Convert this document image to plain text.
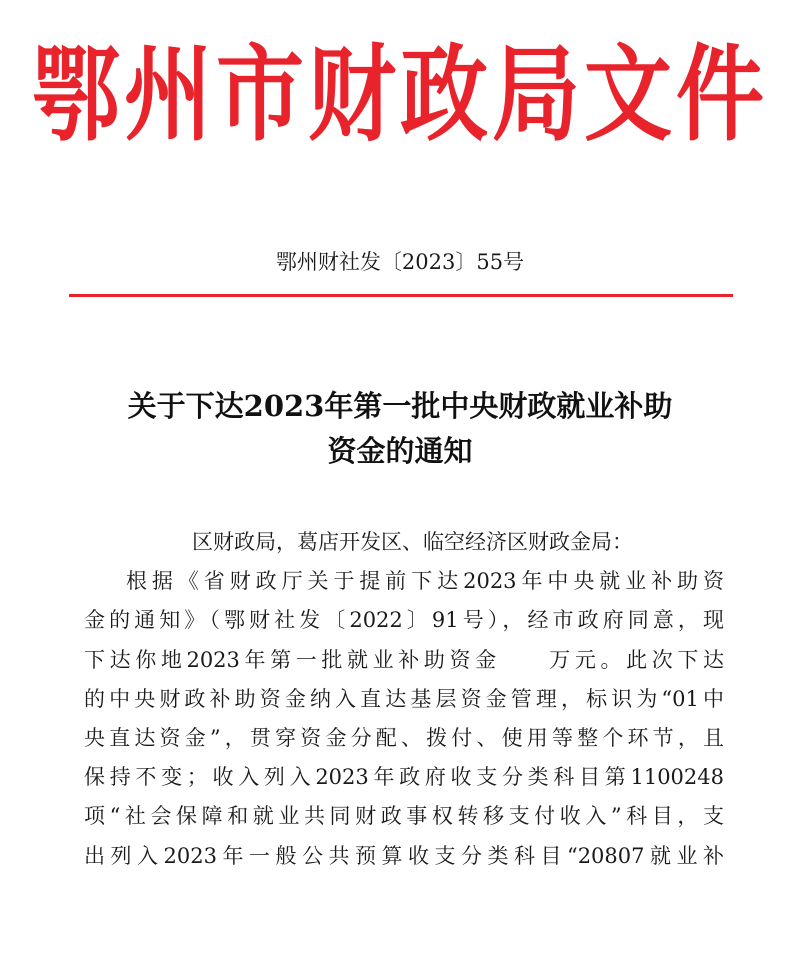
鄂州市财政局文件
鄂州财社发〔2023〕55号
关于下达2023年第一批中央财政就业补助
资金的通知
区财政局，葛店开发区、临空经济区财政金局：
根据《省财政厅关于提前下达2023年中央就业补助资
金的通知》（鄂财社发〔2022〕91号），经市政府同意，现
下达你地2023年第一批就业补助资金 万元。此次下达
的中央财政补助资金纳入直达基层资金管理，标识为“01中
央直达资金”，贯穿资金分配、拨付、使用等整个环节，且
保持不变；收入列入2023年政府收支分类科目第1100248
项“社会保障和就业共同财政事权转移支付收入”科目，支
出列入2023年一般公共预算收支分类科目“20807就业补
